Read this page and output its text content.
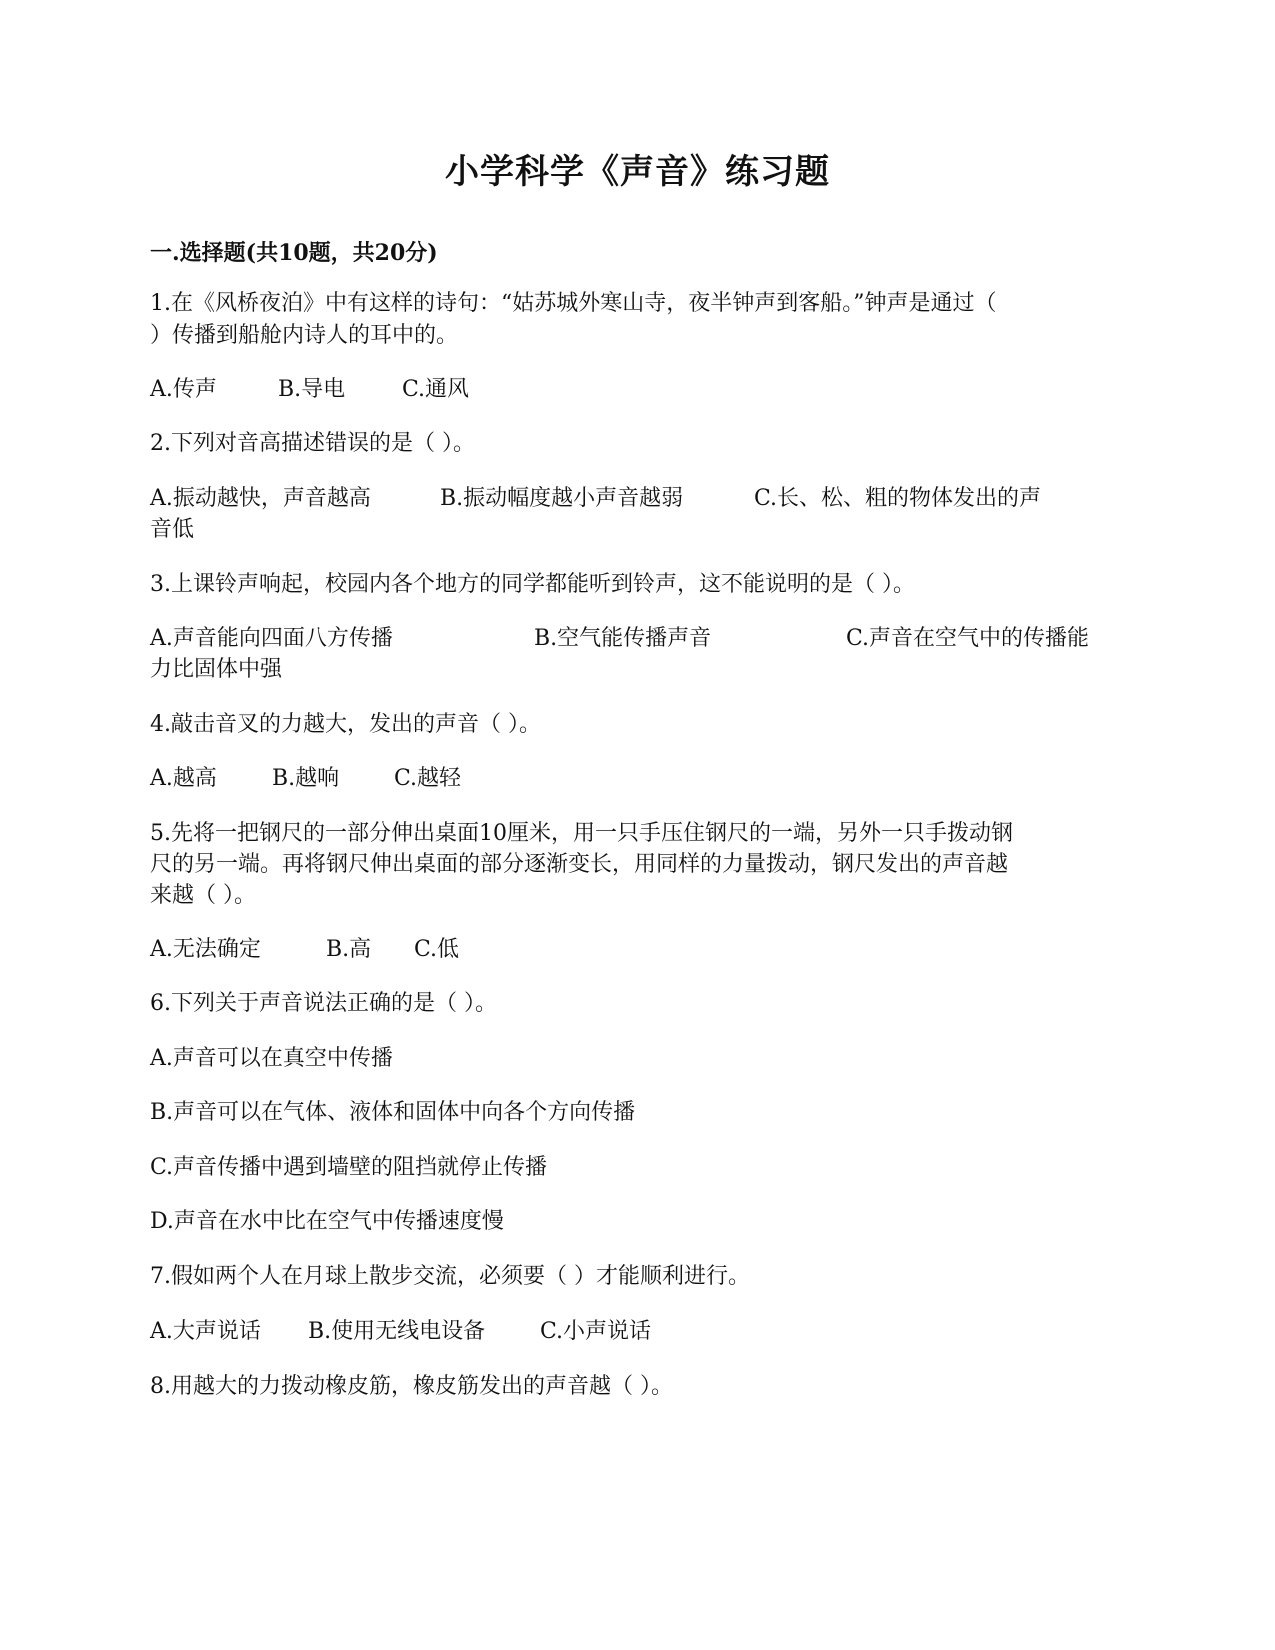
小学科学《声音》练习题
一.选择题(共10题，共20分)
1.在《风桥夜泊》中有这样的诗句：“姑苏城外寒山寺，夜半钟声到客船。”钟声是通过（
）传播到船舱内诗人的耳中的。
A.传声	B.导电	C.通风
2.下列对音高描述错误的是（ ）。
A.振动越快，声音越高	B.振动幅度越小声音越弱	C.长、松、粗的物体发出的声
音低
3.上课铃声响起，校园内各个地方的同学都能听到铃声，这不能说明的是（ ）。
A.声音能向四面八方传播	B.空气能传播声音	C.声音在空气中的传播能
力比固体中强
4.敲击音叉的力越大，发出的声音（ ）。
A.越高	B.越响 C.越轻
5.先将一把钢尺的一部分伸出桌面10厘米，用一只手压住钢尺的一端，另外一只手拨动钢
尺的另一端。再将钢尺伸出桌面的部分逐渐变长，用同样的力量拨动，钢尺发出的声音越
来越（ ）。
A.无法确定	B.高 C.低
6.下列关于声音说法正确的是（ ）。
A.声音可以在真空中传播
B.声音可以在气体、液体和固体中向各个方向传播
C.声音传播中遇到墙壁的阻挡就停止传播
D.声音在水中比在空气中传播速度慢
7.假如两个人在月球上散步交流，必须要（ ）才能顺利进行。
A.大声说话 B.使用无线电设备 C.小声说话
8.用越大的力拨动橡皮筋，橡皮筋发出的声音越（ ）。
